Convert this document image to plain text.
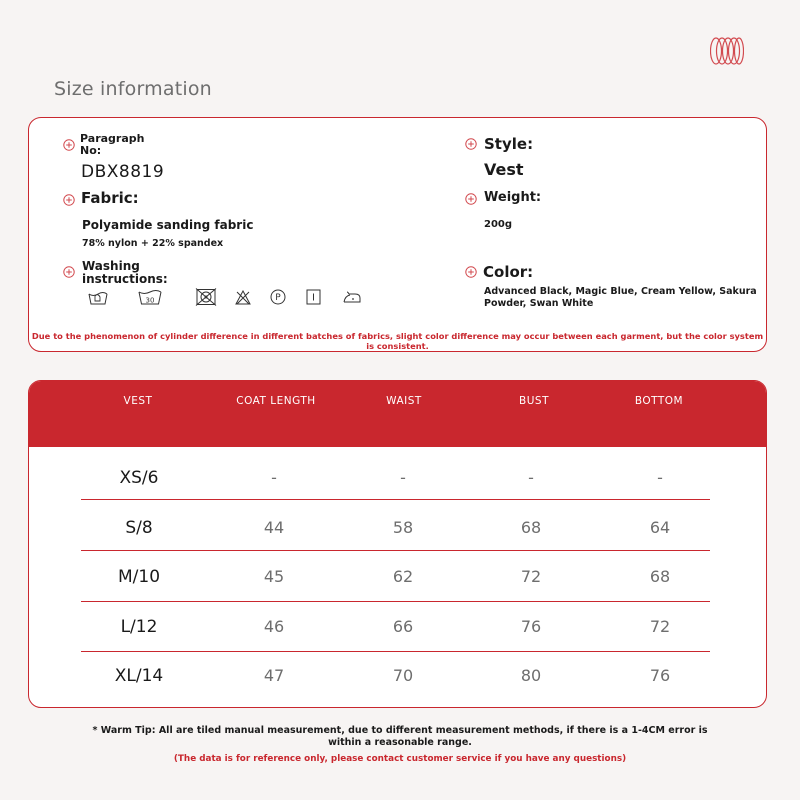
Size information
Paragraph
No:
DBX8819
Fabric:
Polyamide sanding fabric
78% nylon + 22% spandex
Washing
instructions:
30	P
Style:
Vest
Weight:
200g
Color:
Advanced Black, Magic Blue, Cream Yellow, Sakura
Powder, Swan White
Due to the phenomenon of cylinder difference in different batches of fabrics, slight color difference may occur between each garment, but the color system is consistent.
VEST	COAT LENGTH	WAIST	BUST	BOTTOM
XS/6	-	-	-	-
S/8	44	58	68	64
M/10	45	62	72	68
L/12	46	66	76	72
XL/14	47	70	80	76
* Warm Tip: All are tiled manual measurement, due to different measurement methods, if there is a 1-4CM error is
within a reasonable range.
(The data is for reference only, please contact customer service if you have any questions)
